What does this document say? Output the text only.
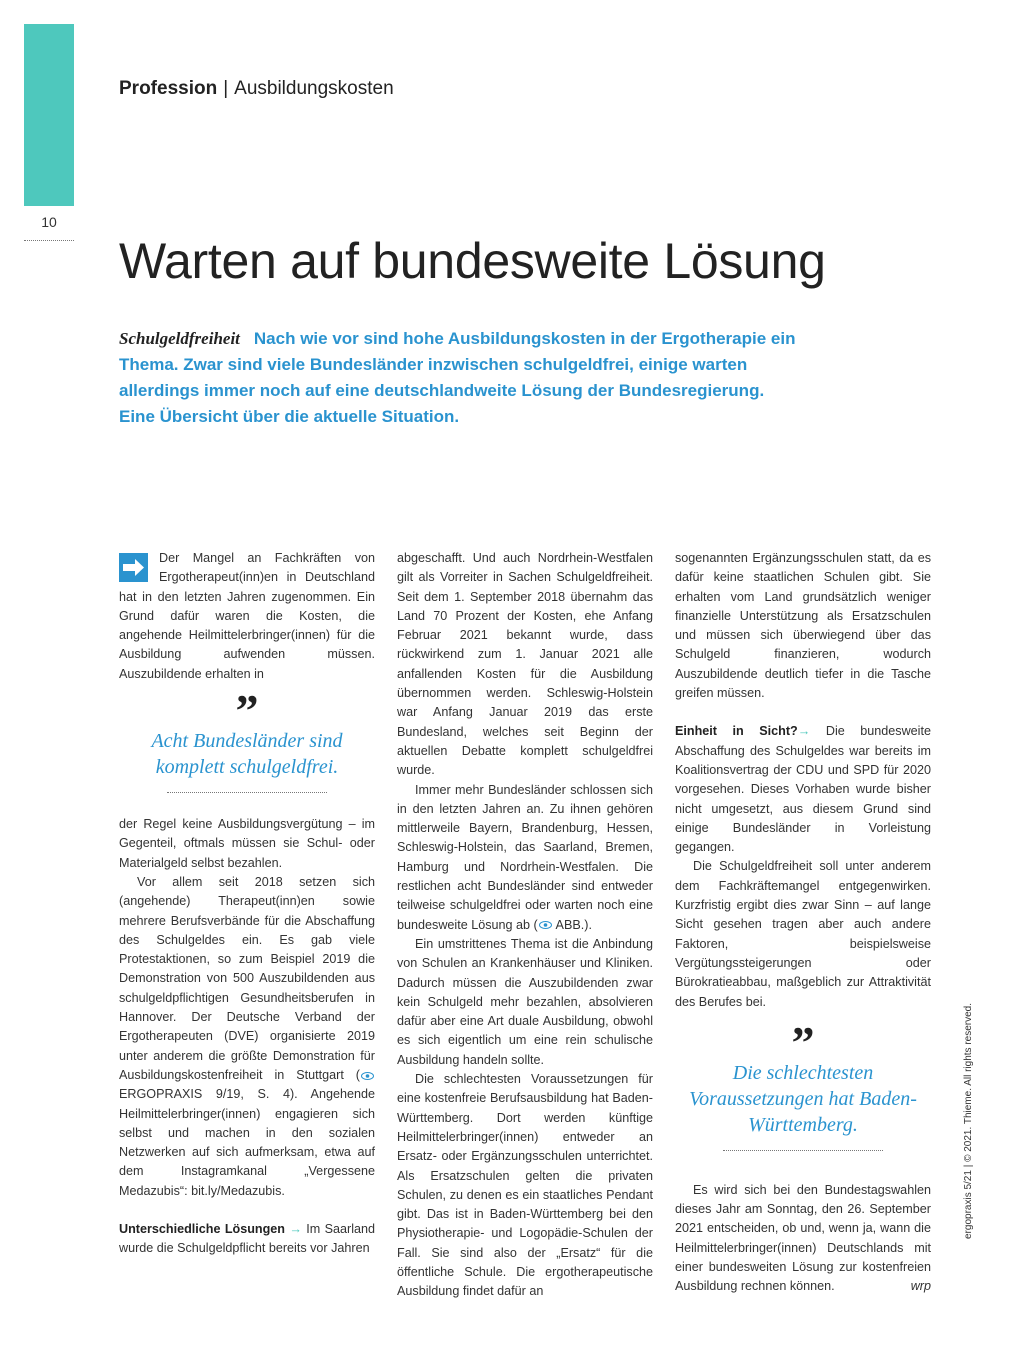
10
Profession | Ausbildungskosten
Warten auf bundesweite Lösung
Schulgeldfreiheit Nach wie vor sind hohe Ausbildungskosten in der Ergotherapie ein Thema. Zwar sind viele Bundesländer inzwischen schulgeldfrei, einige warten allerdings immer noch auf eine deutschlandweite Lösung der Bundesregierung. Eine Übersicht über die aktuelle Situation.

Der Mangel an Fachkräften von Ergotherapeut(inn)en in Deutschland hat in den letzten Jahren zugenommen. Ein Grund dafür waren die Kosten, die angehende Heilmittelerbringer(innen) für die Ausbildung aufwenden müssen. Auszubildende erhalten in

”
Acht Bundesländer sind komplett schulgeldfrei.

der Regel keine Ausbildungsvergütung – im Gegenteil, oftmals müssen sie Schul- oder Materialgeld selbst bezahlen.

Vor allem seit 2018 setzen sich (angehende) Therapeut(inn)en sowie mehrere Berufsverbände für die Abschaffung des Schulgeldes ein. Es gab viele Protestaktionen, so zum Beispiel 2019 die Demonstration von 500 Auszubildenden aus schulgeldpflichtigen Gesundheitsberufen in Hannover. Der Deutsche Verband der Ergotherapeuten (DVE) organisierte 2019 unter anderem die größte Demonstration für Ausbildungskostenfreiheit in Stuttgart ( ERGOPRAXIS 9/19, S. 4). Angehende Heilmittelerbringer(innen) engagieren sich selbst und machen in den sozialen Netzwerken auf sich aufmerksam, etwa auf dem Instagramkanal „Vergessene Medazubis“: bit.ly/Medazubis.

Unterschiedliche Lösungen → Im Saarland wurde die Schulgeldpflicht bereits vor Jahren

abgeschafft. Und auch Nordrhein-Westfalen gilt als Vorreiter in Sachen Schulgeldfreiheit. Seit dem 1. September 2018 übernahm das Land 70 Prozent der Kosten, ehe Anfang Februar 2021 bekannt wurde, dass rückwirkend zum 1. Januar 2021 alle anfallenden Kosten für die Ausbildung übernommen werden. Schleswig-Holstein war Anfang Januar 2019 das erste Bundesland, welches seit Beginn der aktuellen Debatte komplett schulgeldfrei wurde.

Immer mehr Bundesländer schlossen sich in den letzten Jahren an. Zu ihnen gehören mittlerweile Bayern, Brandenburg, Hessen, Schleswig-Holstein, das Saarland, Bremen, Hamburg und Nordrhein-Westfalen. Die restlichen acht Bundesländer sind entweder teilweise schulgeldfrei oder warten noch eine bundesweite Lösung ab ( ABB.).

Ein umstrittenes Thema ist die Anbindung von Schulen an Krankenhäuser und Kliniken. Dadurch müssen die Auszubildenden zwar kein Schulgeld mehr bezahlen, absolvieren dafür aber eine Art duale Ausbildung, obwohl es sich eigentlich um eine rein schulische Ausbildung handeln sollte.

Die schlechtesten Voraussetzungen für eine kostenfreie Berufsausbildung hat Baden-Württemberg. Dort werden künftige Heilmittelerbringer(innen) entweder an Ersatz- oder Ergänzungsschulen unterrichtet. Als Ersatzschulen gelten die privaten Schulen, zu denen es ein staatliches Pendant gibt. Das ist in Baden-Württemberg bei den Physiotherapie- und Logopädie-Schulen der Fall. Sie sind also der „Ersatz“ für die öffentliche Schule. Die ergotherapeutische Ausbildung findet dafür an

sogenannten Ergänzungsschulen statt, da es dafür keine staatlichen Schulen gibt. Sie erhalten vom Land grundsätzlich weniger finanzielle Unterstützung als Ersatzschulen und müssen sich überwiegend über das Schulgeld finanzieren, wodurch Auszubildende deutlich tiefer in die Tasche greifen müssen.

Einheit in Sicht?→ Die bundesweite Abschaffung des Schulgeldes war bereits im Koalitionsvertrag der CDU und SPD für 2020 vorgesehen. Dieses Vorhaben wurde bisher nicht umgesetzt, aus diesem Grund sind einige Bundesländer in Vorleistung gegangen.

Die Schulgeldfreiheit soll unter anderem dem Fachkräftemangel entgegenwirken. Kurzfristig ergibt dies zwar Sinn – auf lange Sicht gesehen tragen aber auch andere Faktoren, beispielsweise Vergütungssteigerungen oder Bürokratieabbau, maßgeblich zur Attraktivität des Berufes bei.

”
Die schlechtesten Voraussetzungen hat Baden-Württemberg.

Es wird sich bei den Bundestagswahlen dieses Jahr am Sonntag, den 26. September 2021 entscheiden, ob und, wenn ja, wann die Heilmittelerbringer(innen) Deutschlands mit einer bundesweiten Lösung zur kostenfreien Ausbildung rechnen können.	wrp

ergopraxis 5/21 | © 2021. Thieme. All rights reserved.
